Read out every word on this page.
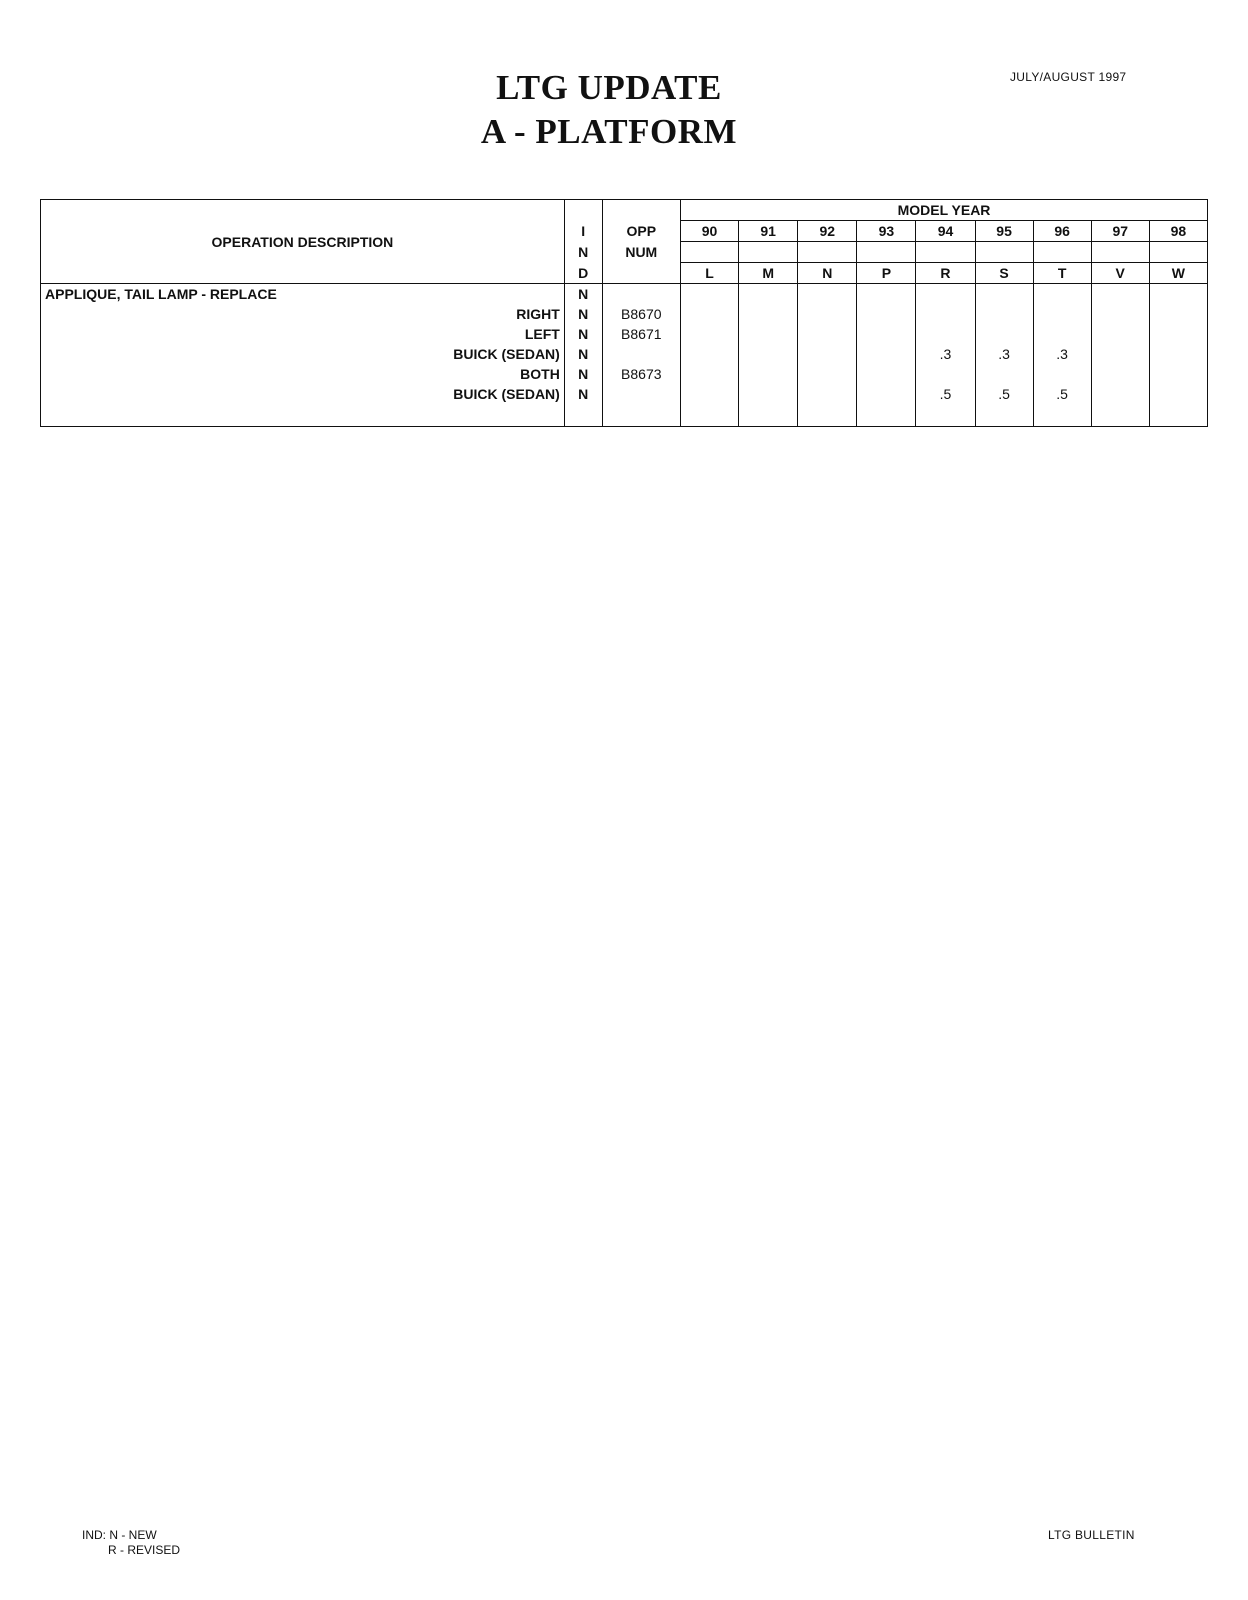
JULY/AUGUST 1997
LTG UPDATE
A - PLATFORM
OPERATION DESCRIPTION			MODEL YEAR								
	I	OPP	90	91	92	93	94	95	96	97	98
	N	NUM									
	D		L	M	N	P	R	S	T	V	W
APPLIQUE, TAIL LAMP - REPLACE	N										
RIGHT	N	B8670									
LEFT	N	B8671									
BUICK (SEDAN)	N						.3	.3	.3		
BOTH	N	B8673									
BUICK (SEDAN)	N						.5	.5	.5		

IND: N - NEW
R - REVISED
LTG BULLETIN
